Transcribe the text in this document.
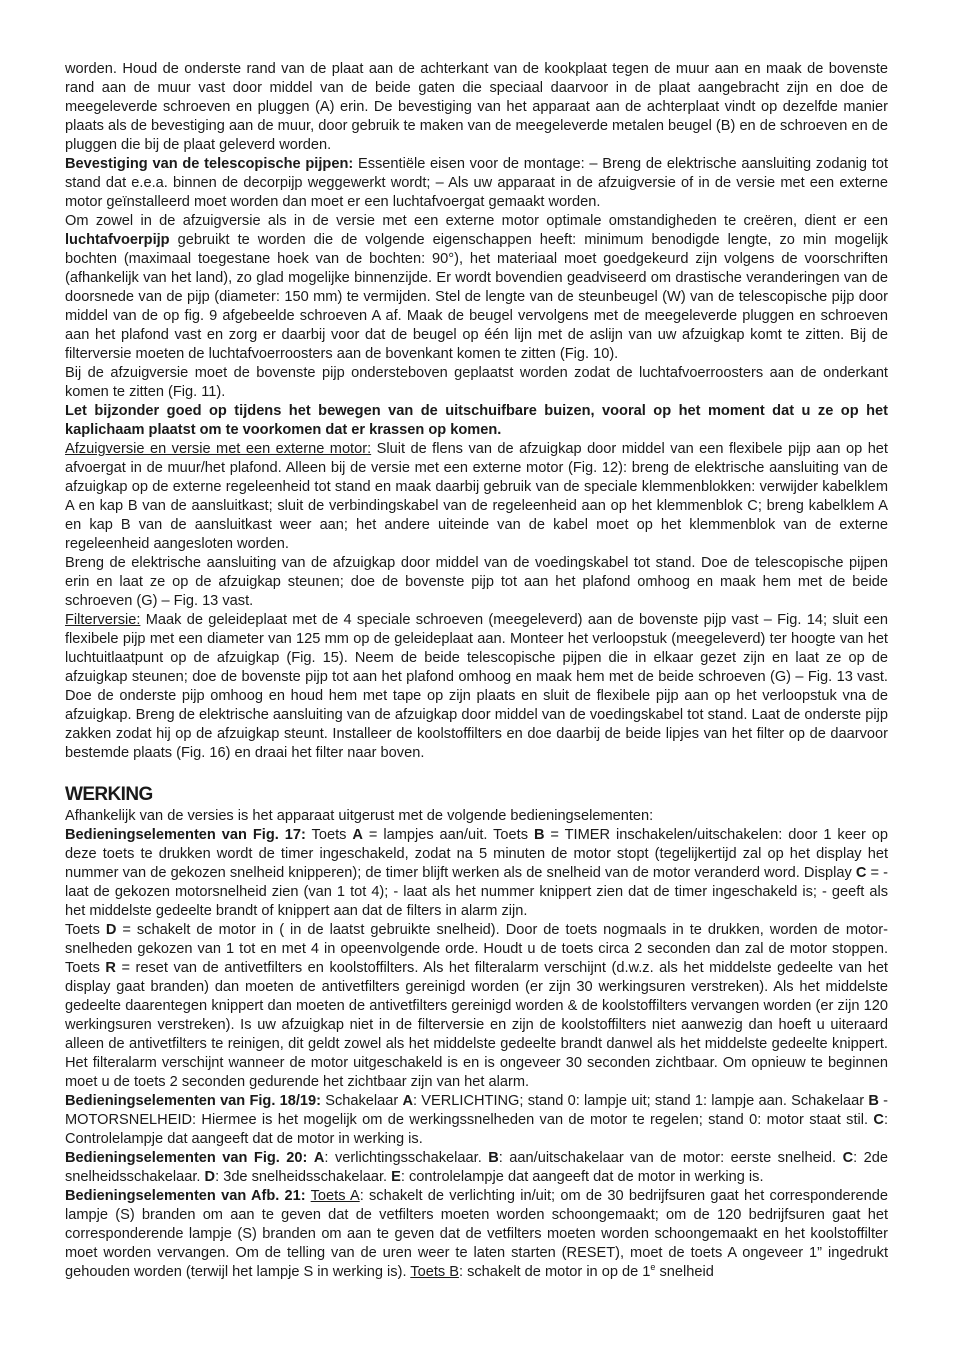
worden. Houd de onderste rand van de plaat aan de achterkant van de kookplaat tegen de muur aan en maak de bovenste rand aan de muur vast door middel van de beide gaten die speciaal daarvoor in de plaat aangebracht zijn en doe de meegeleverde schroeven en pluggen (A) erin. De bevestiging van het apparaat aan de achterplaat vindt op dezelfde manier plaats als de bevestiging aan de muur, door gebruik te maken van de meegeleverde metalen beugel (B) en de schroeven en de pluggen die bij de plaat geleverd worden.

Bevestiging van de telescopische pijpen: Essentiële eisen voor de montage: – Breng de elektrische aansluiting zodanig tot stand dat e.e.a. binnen de decorpijp weggewerkt wordt; – Als uw apparaat in de afzuigversie of in de versie met een externe motor geïnstalleerd moet worden dan moet er een luchtafvoergat gemaakt worden.

Om zowel in de afzuigversie als in de versie met een externe motor optimale omstandigheden te creëren, dient er een luchtafvoerpijp gebruikt te worden die de volgende eigenschappen heeft: minimum benodigde lengte, zo min mogelijk bochten (maximaal toegestane hoek van de bochten: 90°), het materiaal moet goedgekeurd zijn volgens de voorschriften (afhankelijk van het land), zo glad mogelijke binnenzijde. Er wordt bovendien geadviseerd om drastische veranderingen van de doorsnede van de pijp (diameter: 150 mm) te vermijden. Stel de lengte van de steunbeugel (W) van de telescopische pijp door middel van de op fig. 9 afgebeelde schroeven A af. Maak de beugel vervolgens met de meegeleverde pluggen en schroeven aan het plafond vast en zorg er daarbij voor dat de beugel op één lijn met de aslijn van uw afzuigkap komt te zitten. Bij de filterversie moeten de luchtafvoerroosters aan de bovenkant komen te zitten (Fig. 10).

Bij de afzuigversie moet de bovenste pijp ondersteboven geplaatst worden zodat de luchtafvoerroosters aan de onderkant komen te zitten (Fig. 11).

Let bijzonder goed op tijdens het bewegen van de uitschuifbare buizen, vooral op het moment dat u ze op het kaplichaam plaatst om te voorkomen dat er krassen op komen.

Afzuigversie en versie met een externe motor: Sluit de flens van de afzuigkap door middel van een flexibele pijp aan op het afvoergat in de muur/het plafond. Alleen bij de versie met een externe motor (Fig. 12): breng de elektrische aansluiting van de afzuigkap op de externe regeleenheid tot stand en maak daarbij gebruik van de speciale klemmenblokken: verwijder kabelklem A en kap B van de aansluitkast; sluit de verbindingskabel van de regeleenheid aan op het klemmenblok C; breng kabelklem A en kap B van de aansluitkast weer aan; het andere uiteinde van de kabel moet op het klemmenblok van de externe regeleenheid aangesloten worden.

Breng de elektrische aansluiting van de afzuigkap door middel van de voedingskabel tot stand. Doe de telescopische pijpen erin en laat ze op de afzuigkap steunen; doe de bovenste pijp tot aan het plafond omhoog en maak hem met de beide schroeven (G) – Fig. 13 vast.

Filterversie: Maak de geleideplaat met de 4 speciale schroeven (meegeleverd) aan de bovenste pijp vast – Fig. 14; sluit een flexibele pijp met een diameter van 125 mm op de geleideplaat aan. Monteer het verloopstuk (meegeleverd) ter hoogte van het luchtuitlaatpunt op de afzuigkap (Fig. 15). Neem de beide telescopische pijpen die in elkaar gezet zijn en laat ze op de afzuigkap steunen; doe de bovenste pijp tot aan het plafond omhoog en maak hem met de beide schroeven (G) – Fig. 13 vast. Doe de onderste pijp omhoog en houd hem met tape op zijn plaats en sluit de flexibele pijp aan op het verloopstuk vna de afzuigkap. Breng de elektrische aansluiting van de afzuigkap door middel van de voedingskabel tot stand. Laat de onderste pijp zakken zodat hij op de afzuigkap steunt. Installeer de koolstoffilters en doe daarbij de beide lipjes van het filter op de daarvoor bestemde plaats (Fig. 16) en draai het filter naar boven.

WERKING

Afhankelijk van de versies is het apparaat uitgerust met de volgende bedieningselementen:

Bedieningselementen van Fig. 17: Toets A = lampjes aan/uit. Toets B = TIMER inschakelen/uitschakelen: door 1 keer op deze toets te drukken wordt de timer ingeschakeld, zodat na 5 minuten de motor stopt (tegelijkertijd zal op het display het nummer van de gekozen snelheid knipperen); de timer blijft werken als de snelheid van de motor veranderd word. Display C = - laat de gekozen motorsnelheid zien (van 1 tot 4); - laat als het nummer knippert zien dat de timer ingeschakeld is; - geeft als het middelste gedeelte brandt of knippert aan dat de filters in alarm zijn.

Toets D = schakelt de motor in ( in de laatst gebruikte snelheid). Door de toets nogmaals in te drukken, worden de motor-snelheden gekozen van 1 tot en met 4 in opeenvolgende orde. Houdt u de toets circa 2 seconden dan zal de motor stoppen. Toets R = reset van de antivetfilters en koolstoffilters. Als het filteralarm verschijnt (d.w.z. als het middelste gedeelte van het display gaat branden) dan moeten de antivetfilters gereinigd worden (er zijn 30 werkingsuren verstreken). Als het middelste gedeelte daarentegen knippert dan moeten de antivetfilters gereinigd worden & de koolstoffilters vervangen worden (er zijn 120 werkingsuren verstreken). Is uw afzuigkap niet in de filterversie en zijn de koolstoffilters niet aanwezig dan hoeft u uiteraard alleen de antivetfilters te reinigen, dit geldt zowel als het middelste gedeelte brandt danwel als het middelste gedeelte knippert. Het filteralarm verschijnt wanneer de motor uitgeschakeld is en is ongeveer 30 seconden zichtbaar. Om opnieuw te beginnen moet u de toets 2 seconden gedurende het zichtbaar zijn van het alarm.

Bedieningselementen van Fig. 18/19: Schakelaar A: VERLICHTING; stand 0: lampje uit; stand 1: lampje aan. Schakelaar B - MOTORSNELHEID: Hiermee is het mogelijk om de werkingssnelheden van de motor te regelen; stand 0: motor staat stil. C: Controlelampje dat aangeeft dat de motor in werking is.

Bedieningselementen van Fig. 20: A: verlichtingsschakelaar. B: aan/uitschakelaar van de motor: eerste snelheid. C: 2de snelheidsschakelaar. D: 3de snelheidsschakelaar. E: controlelampje dat aangeeft dat de motor in werking is.

Bedieningselementen van Afb. 21: Toets A: schakelt de verlichting in/uit; om de 30 bedrijfsuren gaat het corresponderende lampje (S) branden om aan te geven dat de vetfilters moeten worden schoongemaakt; om de 120 bedrijfsuren gaat het corresponderende lampje (S) branden om aan te geven dat de vetfilters moeten worden schoongemaakt en het koolstoffilter moet worden vervangen. Om de telling van de uren weer te laten starten (RESET), moet de toets A ongeveer 1” ingedrukt gehouden worden (terwijl het lampje S in werking is). Toets B: schakelt de motor in op de 1e snelheid
